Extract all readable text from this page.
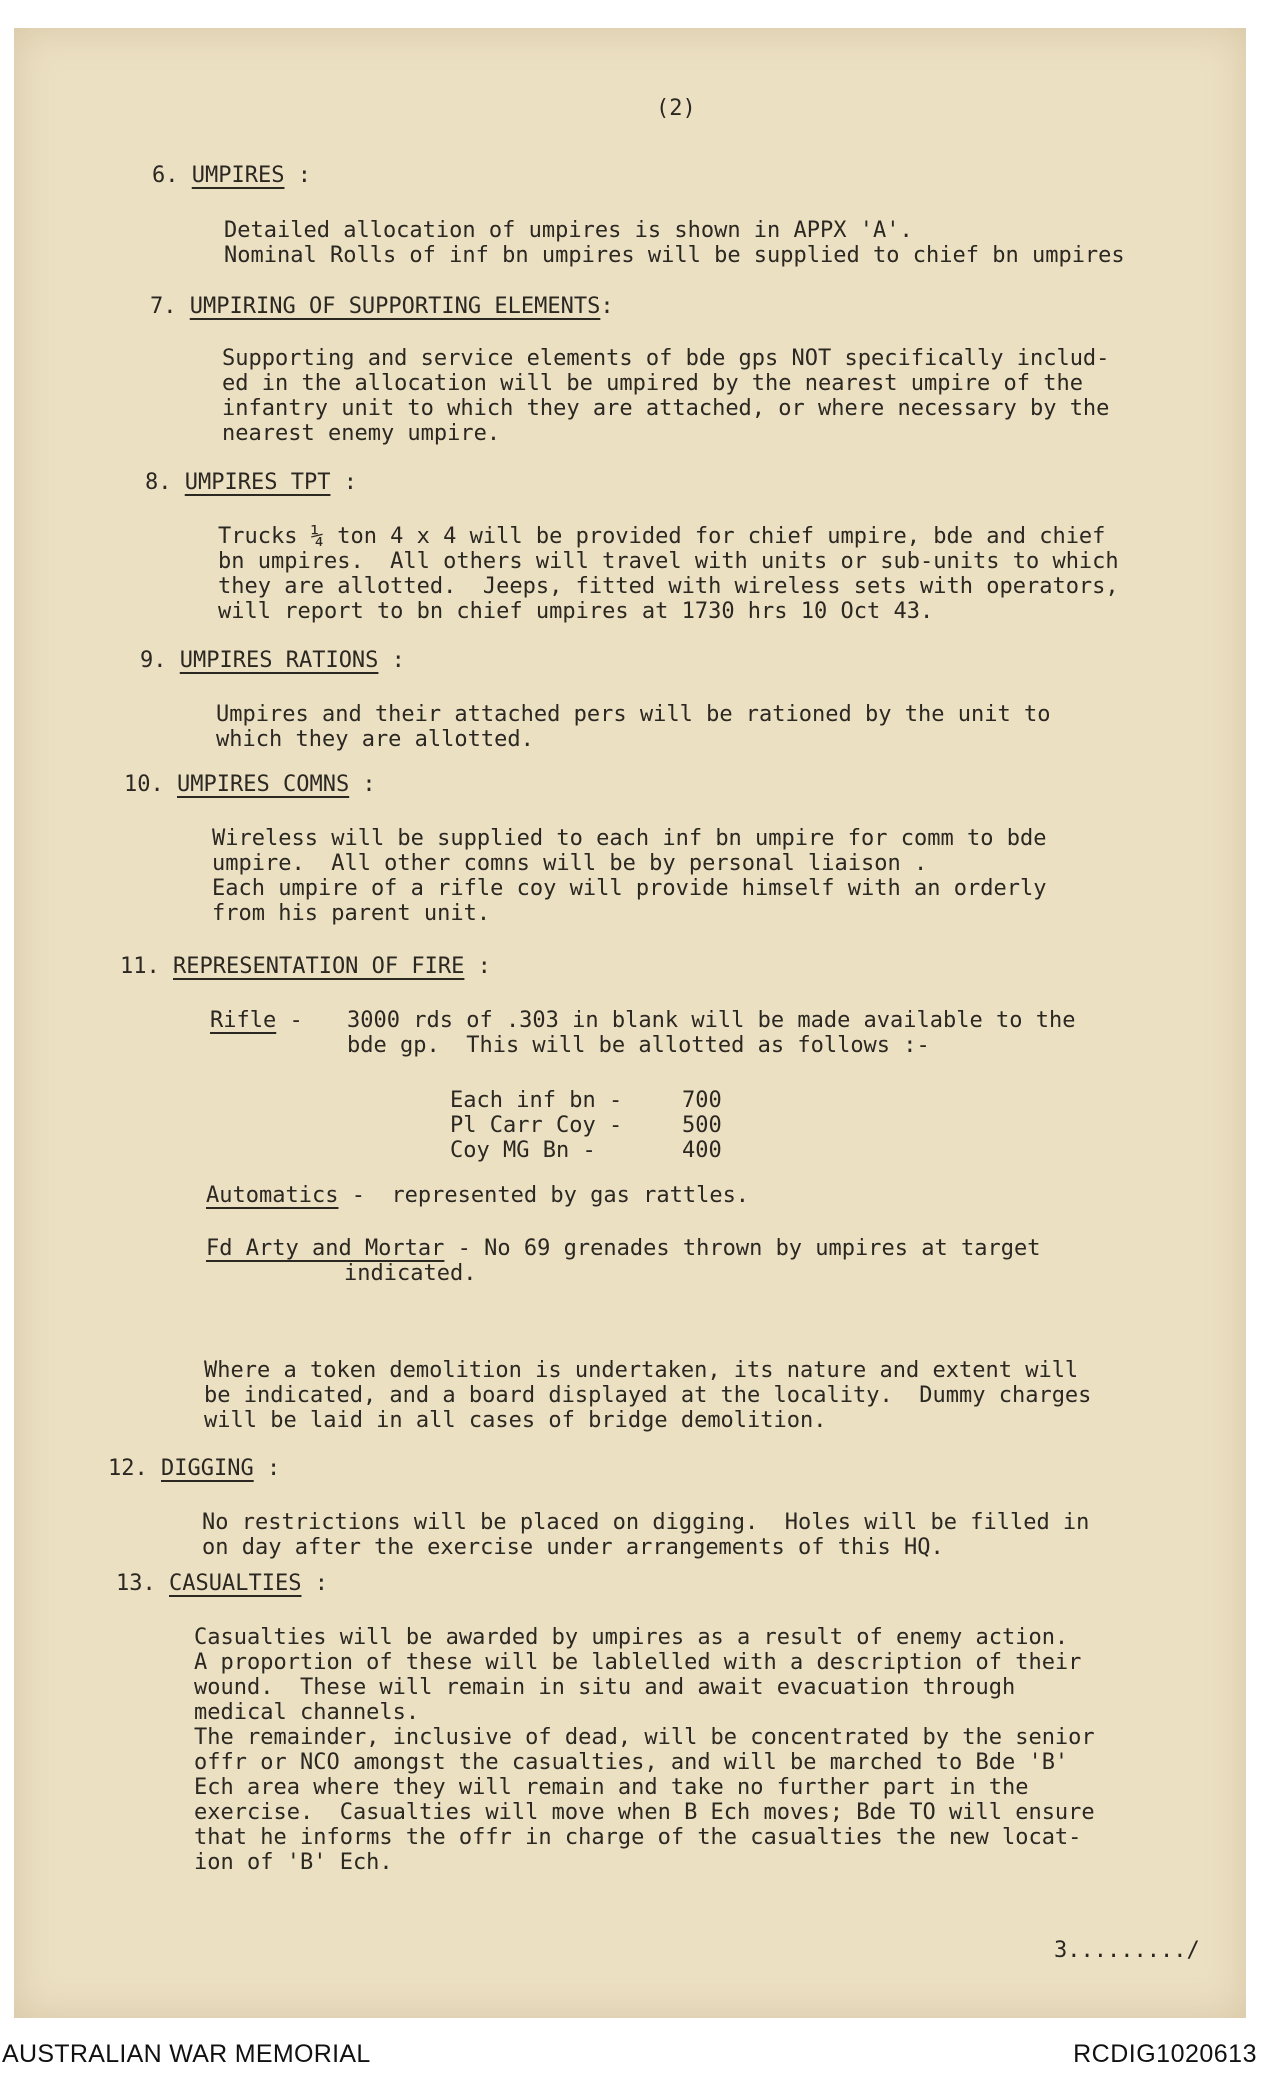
(2)
6. UMPIRES :
Detailed allocation of umpires is shown in APPX 'A'.
Nominal Rolls of inf bn umpires will be supplied to chief bn umpires
7. UMPIRING OF SUPPORTING ELEMENTS:
Supporting and service elements of bde gps NOT specifically includ-
ed in the allocation will be umpired by the nearest umpire of the
infantry unit to which they are attached, or where necessary by the
nearest enemy umpire.
8. UMPIRES TPT :
Trucks ¼ ton 4 x 4 will be provided for chief umpire, bde and chief
bn umpires.  All others will travel with units or sub-units to which
they are allotted.  Jeeps, fitted with wireless sets with operators,
will report to bn chief umpires at 1730 hrs 10 Oct 43.
9. UMPIRES RATIONS :
Umpires and their attached pers will be rationed by the unit to
which they are allotted.
10. UMPIRES COMNS :
Wireless will be supplied to each inf bn umpire for comm to bde
umpire.  All other comns will be by personal liaison .
Each umpire of a rifle coy will provide himself with an orderly
from his parent unit.
11. REPRESENTATION OF FIRE :
Rifle - 3000 rds of .303 in blank will be made available to the
bde gp.  This will be allotted as follows :-
Each inf bn -	700
Pl Carr Coy -	500
Coy MG Bn -	400
Automatics -  represented by gas rattles.
Fd Arty and Mortar - No 69 grenades thrown by umpires at target
indicated.
Where a token demolition is undertaken, its nature and extent will
be indicated, and a board displayed at the locality.  Dummy charges
will be laid in all cases of bridge demolition.
12. DIGGING :
No restrictions will be placed on digging.  Holes will be filled in
on day after the exercise under arrangements of this HQ.
13. CASUALTIES :
Casualties will be awarded by umpires as a result of enemy action.
A proportion of these will be lablelled with a description of their
wound.  These will remain in situ and await evacuation through
medical channels.
The remainder, inclusive of dead, will be concentrated by the senior
offr or NCO amongst the casualties, and will be marched to Bde 'B'
Ech area where they will remain and take no further part in the
exercise.  Casualties will move when B Ech moves; Bde TO will ensure
that he informs the offr in charge of the casualties the new locat-
ion of 'B' Ech.
3........./
AUSTRALIAN WAR MEMORIAL	RCDIG1020613
